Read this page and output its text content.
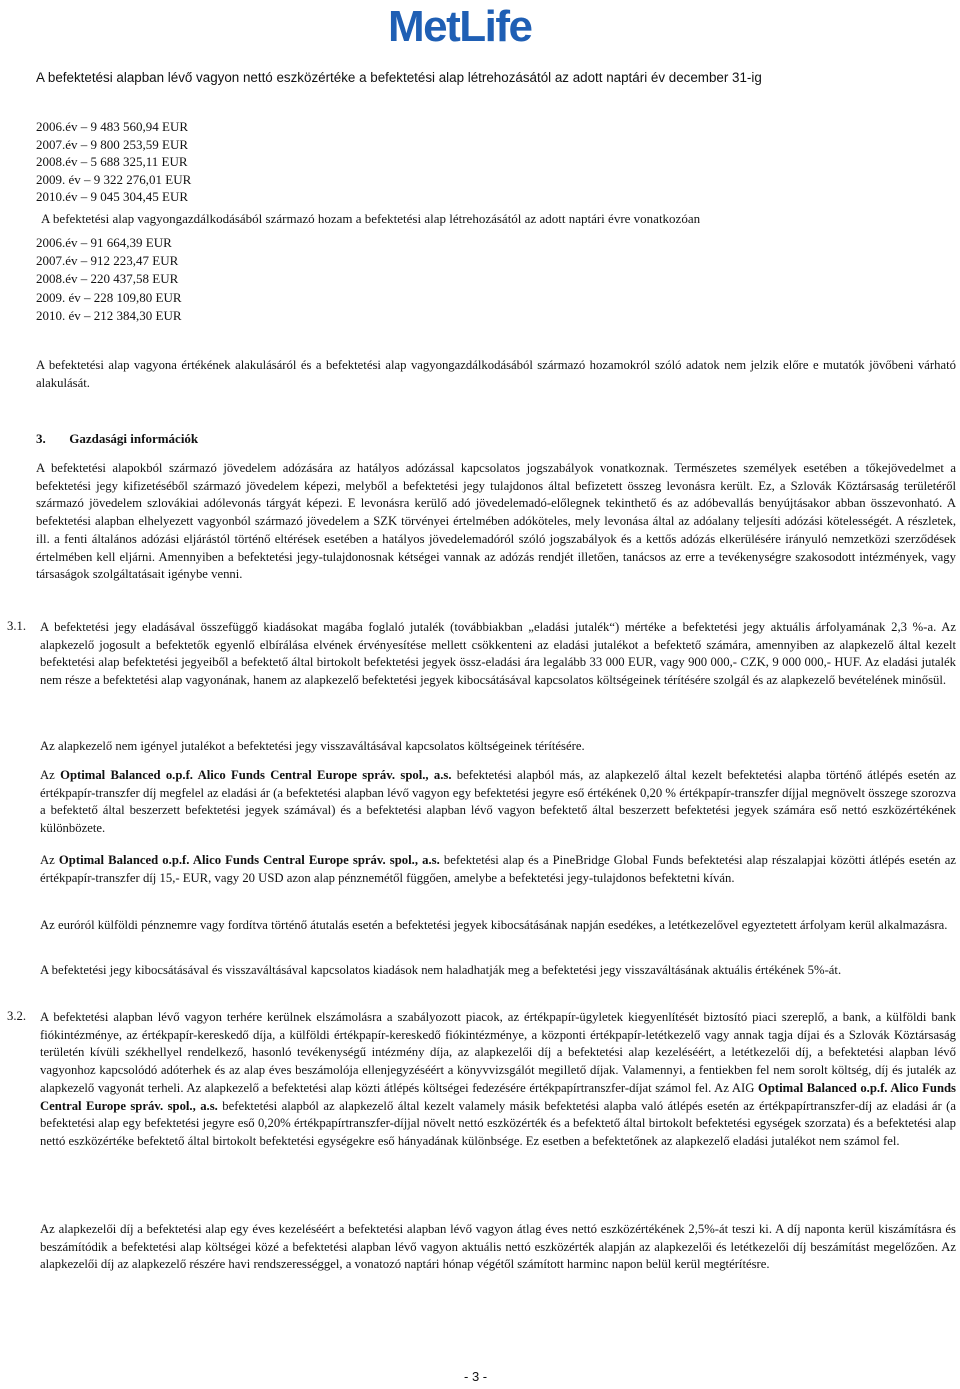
MetLife
A befektetési alapban lévő vagyon nettó eszközértéke a befektetési alap létrehozásától az adott naptári év december 31-ig
2006.év – 9 483 560,94 EUR
2007.év – 9 800 253,59 EUR
2008.év – 5 688 325,11 EUR
2009. év – 9 322 276,01 EUR
2010.év – 9 045 304,45 EUR
A befektetési alap vagyongazdálkodásából származó hozam a befektetési alap létrehozásától az adott naptári évre vonatkozóan
2006.év – 91 664,39 EUR
2007.év – 912 223,47 EUR
2008.év – 220 437,58 EUR
2009. év – 228 109,80 EUR
2010. év – 212 384,30 EUR

A befektetési alap vagyona értékének alakulásáról és a befektetési alap vagyongazdálkodásából származó hozamokról szóló adatok nem jelzik előre e mutatók jövőbeni várható alakulását.

3. Gazdasági információk

A befektetési alapokból származó jövedelem adózására az hatályos adózással kapcsolatos jogszabályok vonatkoznak. Természetes személyek esetében a tőkejövedelmet a befektetési jegy kifizetéséből származó jövedelem képezi, melyből a befektetési jegy tulajdonos által befizetett összeg levonásra került. Ez, a Szlovák Köztársaság területéről származó jövedelem szlovákiai adólevonás tárgyát képezi. E levonásra kerülő adó jövedelemadó-előlegnek tekinthető és az adóbevallás benyújtásakor abban összevonható. A befektetési alapban elhelyezett vagyonból származó jövedelem a SZK törvényei értelmében adóköteles, mely levonása által az adóalany teljesíti adózási kötelességét. A részletek, ill. a fenti általános adózási eljárástól történő eltérések esetében a hatályos jövedelemadóról szóló jogszabályok és a kettős adózás elkerülésére irányuló nemzetközi szerződések értelmében kell eljárni. Amennyiben a befektetési jegy-tulajdonosnak kétségei vannak az adózás rendjét illetően, tanácsos az erre a tevékenységre szakosodott intézmények, vagy társaságok szolgáltatásait igénybe venni.

3.1. A befektetési jegy eladásával összefüggő kiadásokat magába foglaló jutalék (továbbiakban „eladási jutalék“) mértéke a befektetési jegy aktuális árfolyamának 2,3 %-a. Az alapkezelő jogosult a befektetők egyenlő elbírálása elvének érvényesítése mellett csökkenteni az eladási jutalékot a befektető számára, amennyiben az alapkezelő által kezelt befektetési alap befektetési jegyeiből a befektető által birtokolt befektetési jegyek össz-eladási ára legalább 33 000 EUR, vagy 900 000,- CZK, 9 000 000,- HUF. Az eladási jutalék nem része a befektetési alap vagyonának, hanem az alapkezelő befektetési jegyek kibocsátásával kapcsolatos költségeinek térítésére szolgál és az alapkezelő bevételének minősül.

Az alapkezelő nem igényel jutalékot a befektetési jegy visszaváltásával kapcsolatos költségeinek térítésére.

Az Optimal Balanced o.p.f. Alico Funds Central Europe správ. spol., a.s. befektetési alapból más, az alapkezelő által kezelt befektetési alapba történő átlépés esetén az értékpapír-transzfer díj megfelel az eladási ár (a befektetési alapban lévő vagyon egy befektetési jegyre eső értékének 0,20 % értékpapír-transzfer díjjal megnövelt összege szorozva a befektető által beszerzett befektetési jegyek számával) és a befektetési alapban lévő vagyon befektető által beszerzett befektetési jegyek számára eső nettó eszközértékének különbözete.

Az Optimal Balanced o.p.f. Alico Funds Central Europe správ. spol., a.s. befektetési alap és a PineBridge Global Funds befektetési alap részalapjai közötti átlépés esetén az értékpapír-transzfer díj 15,- EUR, vagy 20 USD azon alap pénznemétől függően, amelybe a befektetési jegy-tulajdonos befektetni kíván.

Az euróról külföldi pénznemre vagy fordítva történő átutalás esetén a befektetési jegyek kibocsátásának napján esedékes, a letétkezelővel egyeztetett árfolyam kerül alkalmazásra.

A befektetési jegy kibocsátásával és visszaváltásával kapcsolatos kiadások nem haladhatják meg a befektetési jegy visszaváltásának aktuális értékének 5%-át.

3.2. A befektetési alapban lévő vagyon terhére kerülnek elszámolásra a szabályozott piacok, az értékpapír-ügyletek kiegyenlítését biztosító piaci szereplő, a bank, a külföldi bank fiókintézménye, az értékpapír-kereskedő díja, a külföldi értékpapír-kereskedő fiókintézménye, a központi értékpapír-letétkezelő vagy annak tagja díjai és a Szlovák Köztársaság területén kívüli székhellyel rendelkező, hasonló tevékenységű intézmény díja, az alapkezelői díj a befektetési alap kezeléséért, a letétkezelői díj, a befektetési alapban lévő vagyonhoz kapcsolódó adóterhek és az alap éves beszámolója ellenjegyzéséért a könyvvizsgálót megillető díjak. Valamennyi, a fentiekben fel nem sorolt költség, díj és jutalék az alapkezelő vagyonát terheli. Az alapkezelő a befektetési alap közti átlépés költségei fedezésére értékpapírtranszfer-díjat számol fel. Az AIG Optimal Balanced o.p.f. Alico Funds Central Europe správ. spol., a.s. befektetési alapból az alapkezelő által kezelt valamely másik befektetési alapba való átlépés esetén az értékpapírtranszfer-díj az eladási ár (a befektetési alap egy befektetési jegyre eső 0,20% értékpapírtranszfer-díjjal növelt nettó eszközérték és a befektető által birtokolt befektetési egységek szorzata) és a befektetési alap nettó eszközértéke befektető által birtokolt befektetési egységekre eső hányadának különbsége. Ez esetben a befektetőnek az alapkezelő eladási jutalékot nem számol fel.

Az alapkezelői díj a befektetési alap egy éves kezeléséért a befektetési alapban lévő vagyon átlag éves nettó eszközértékének 2,5%-át teszi ki. A díj naponta kerül kiszámításra és beszámítódik a befektetési alap költségei közé a befektetési alapban lévő vagyon aktuális nettó eszközérték alapján az alapkezelői és letétkezelői díj beszámítást megelőzően. Az alapkezelői díj az alapkezelő részére havi rendszerességgel, a vonatozó naptári hónap végétől számított harminc napon belül kerül megtérítésre.

- 3 -
